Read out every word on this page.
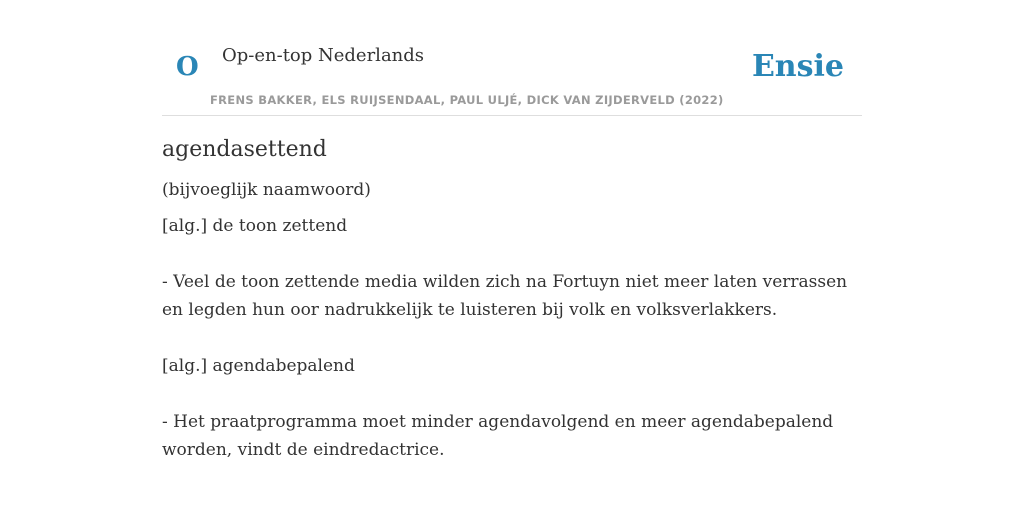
O Op-en-top Nederlands
FRENS BAKKER, ELS RUIJSENDAAL, PAUL ULJÉ, DICK VAN ZIJDERVELD (2022)
Ensie
agendasettend

(bijvoeglijk naamwoord)

[alg.] de toon zettend

- Veel de toon zettende media wilden zich na Fortuyn niet meer laten verrassen en legden hun oor nadrukkelijk te luisteren bij volk en volksverlakkers.

[alg.] agendabepalend

- Het praatprogramma moet minder agendavolgend en meer agendabepalend worden, vindt de eindredactrice.
